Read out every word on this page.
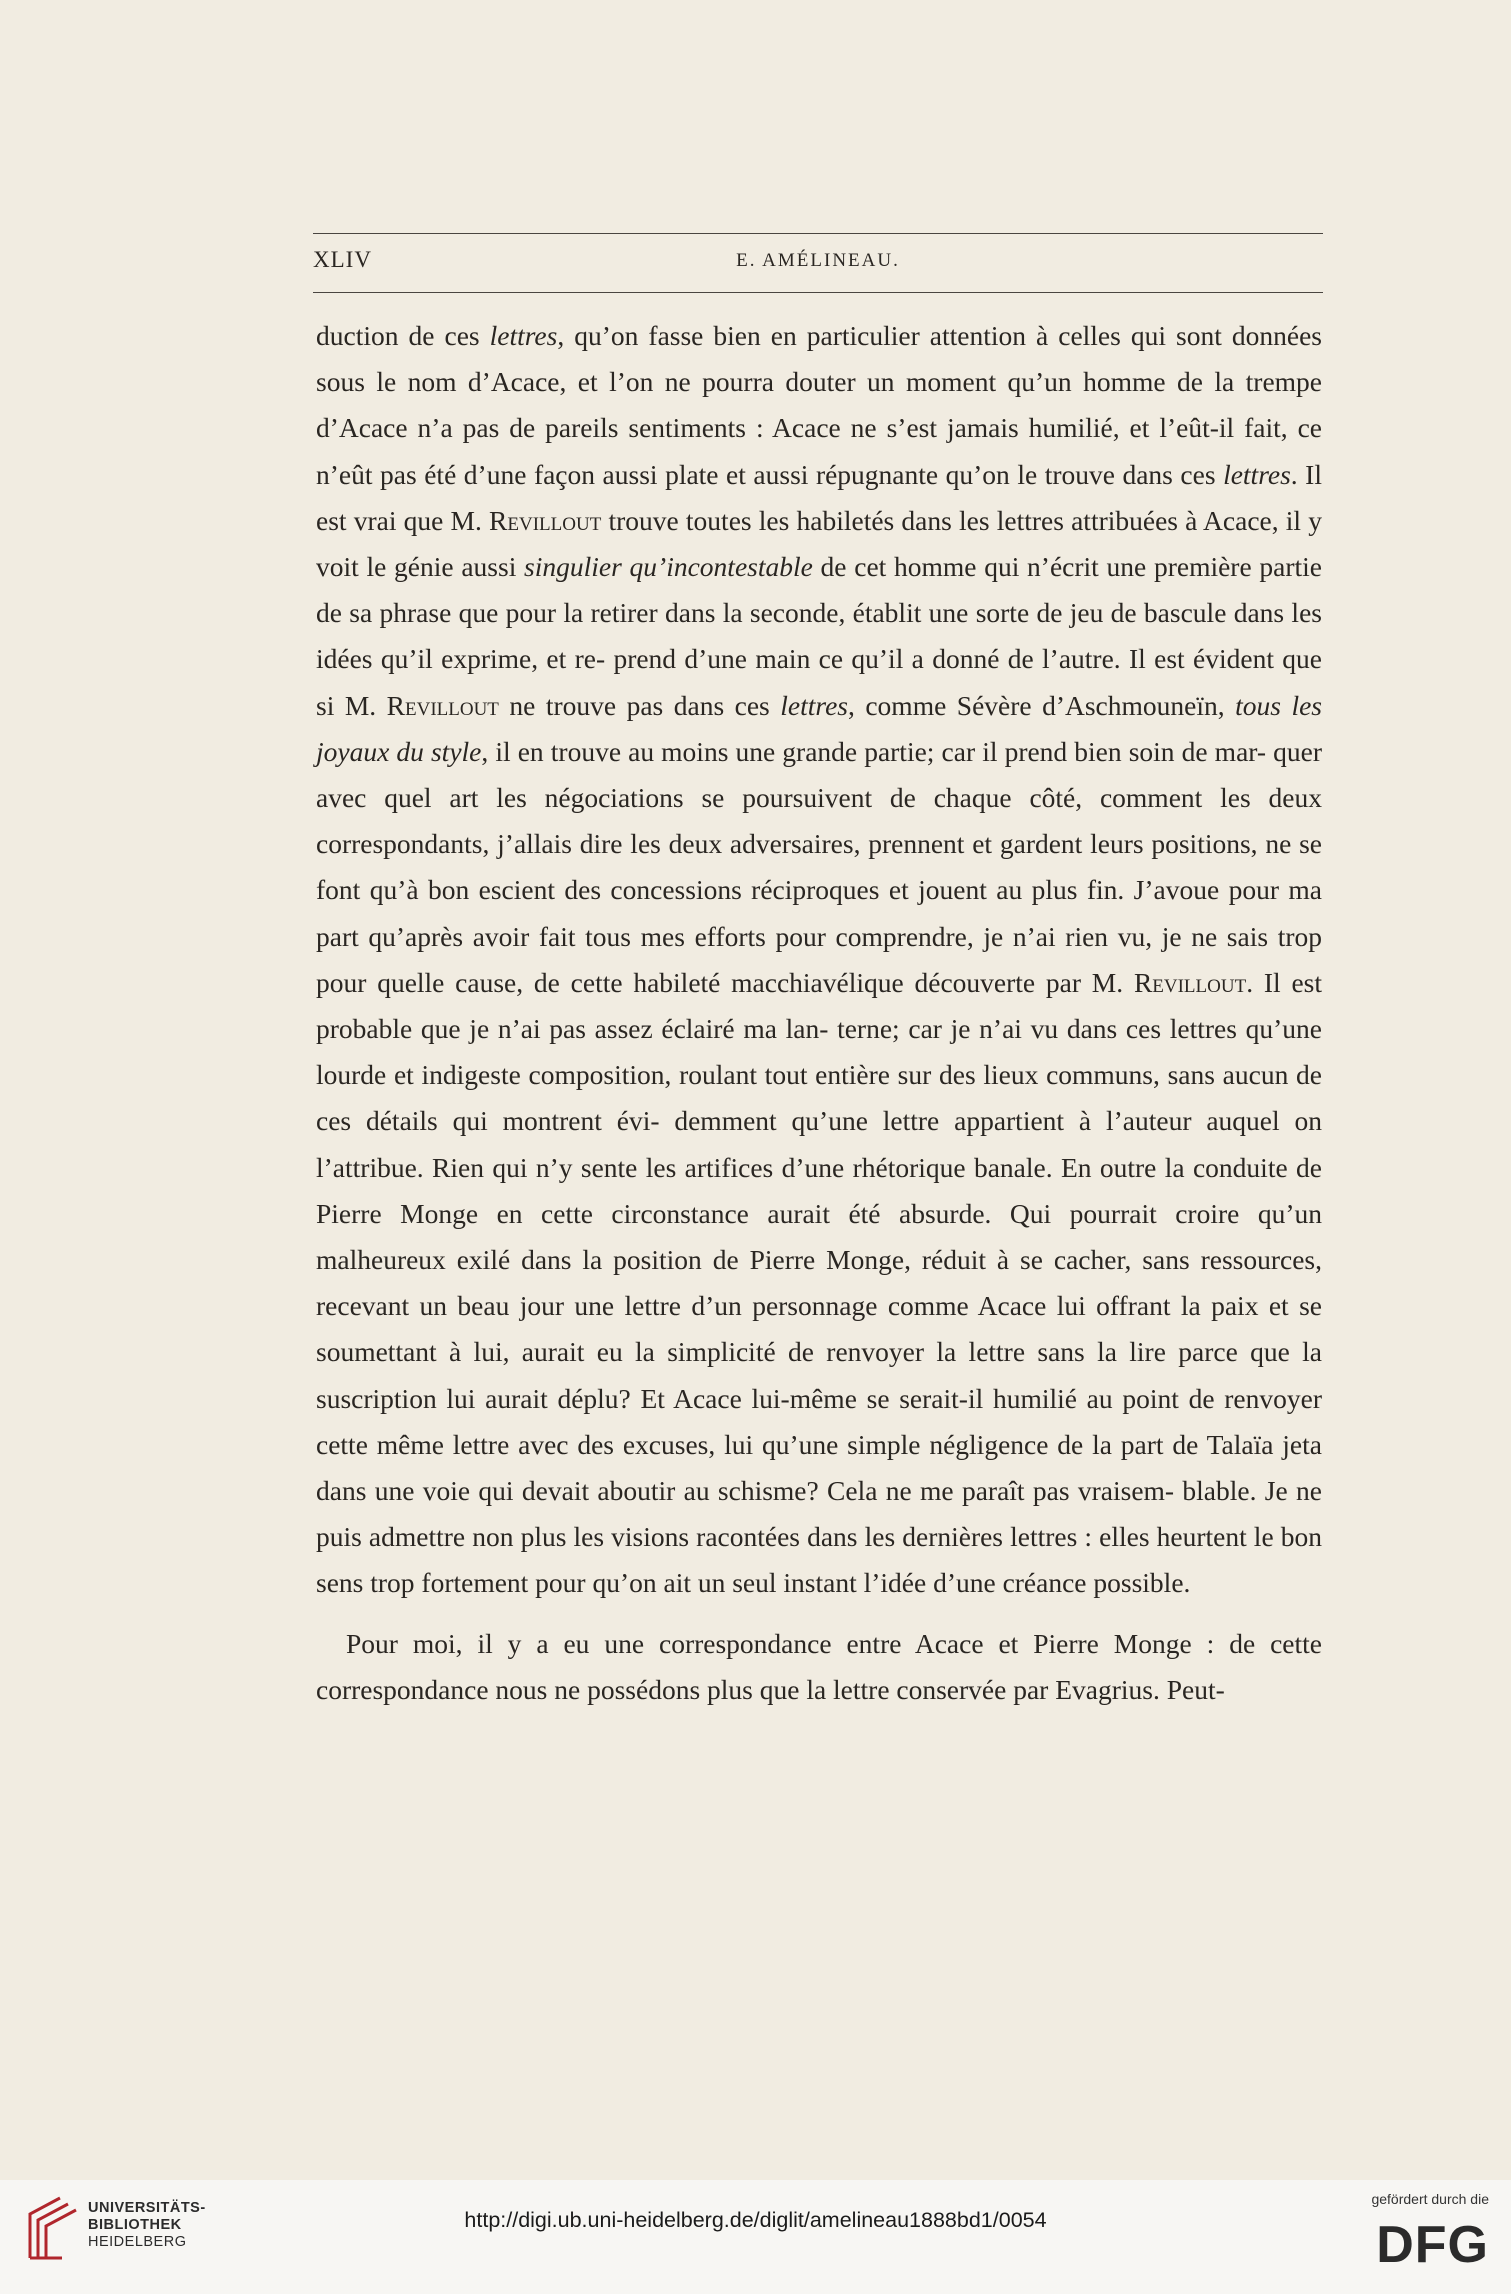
XLIV	E. AMÉLINEAU.

duction de ces lettres, qu’on fasse bien en particulier attention à celles qui sont données sous le nom d’Acace, et l’on ne pourra douter un moment qu’un homme de la trempe d’Acace n’a pas de pareils sentiments : Acace ne s’est jamais humilié, et l’eût-il fait, ce n’eût pas été d’une façon aussi plate et aussi répugnante qu’on le trouve dans ces lettres. Il est vrai que M. Revillout trouve toutes les habiletés dans les lettres attribuées à Acace, il y voit le génie aussi singulier qu’incontestable de cet homme qui n’écrit une première partie de sa phrase que pour la retirer dans la seconde, établit une sorte de jeu de bascule dans les idées qu’il exprime, et re- prend d’une main ce qu’il a donné de l’autre. Il est évident que si M. Revillout ne trouve pas dans ces lettres, comme Sévère d’Aschmouneïn, tous les joyaux du style, il en trouve au moins une grande partie; car il prend bien soin de mar- quer avec quel art les négociations se poursuivent de chaque côté, comment les deux correspondants, j’allais dire les deux adversaires, prennent et gardent leurs positions, ne se font qu’à bon escient des concessions réciproques et jouent au plus fin. J’avoue pour ma part qu’après avoir fait tous mes efforts pour comprendre, je n’ai rien vu, je ne sais trop pour quelle cause, de cette habileté macchiavélique découverte par M. Revillout. Il est probable que je n’ai pas assez éclairé ma lan- terne; car je n’ai vu dans ces lettres qu’une lourde et indigeste composition, roulant tout entière sur des lieux communs, sans aucun de ces détails qui montrent évi- demment qu’une lettre appartient à l’auteur auquel on l’attribue. Rien qui n’y sente les artifices d’une rhétorique banale. En outre la conduite de Pierre Monge en cette circonstance aurait été absurde. Qui pourrait croire qu’un malheureux exilé dans la position de Pierre Monge, réduit à se cacher, sans ressources, recevant un beau jour une lettre d’un personnage comme Acace lui offrant la paix et se soumettant à lui, aurait eu la simplicité de renvoyer la lettre sans la lire parce que la suscription lui aurait déplu? Et Acace lui-même se serait-il humilié au point de renvoyer cette même lettre avec des excuses, lui qu’une simple négligence de la part de Talaïa jeta dans une voie qui devait aboutir au schisme? Cela ne me paraît pas vraisem- blable. Je ne puis admettre non plus les visions racontées dans les dernières lettres : elles heurtent le bon sens trop fortement pour qu’on ait un seul instant l’idée d’une créance possible.

Pour moi, il y a eu une correspondance entre Acace et Pierre Monge : de cette correspondance nous ne possédons plus que la lettre conservée par Evagrius. Peut-

UNIVERSITÄTS-
BIBLIOTHEK
HEIDELBERG
http://digi.ub.uni-heidelberg.de/diglit/amelineau1888bd1/0054
gefördert durch die
DFG
